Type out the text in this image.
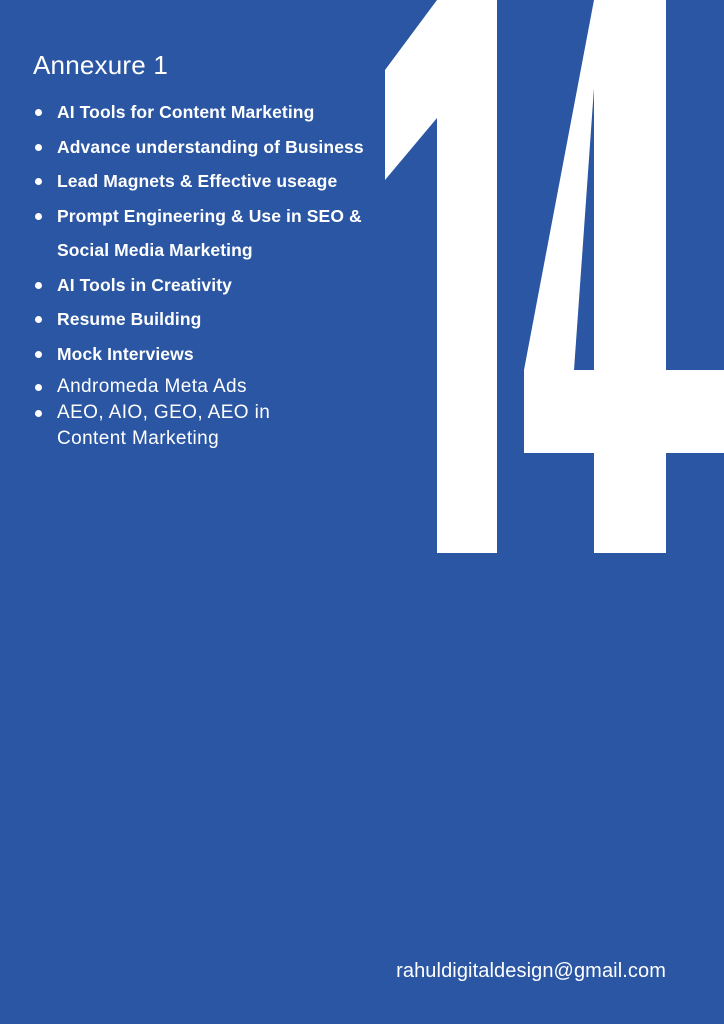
Annexure 1
AI Tools for Content Marketing
Advance understanding of Business
Lead Magnets & Effective useage
Prompt Engineering & Use in SEO &
Social Media Marketing
AI Tools in Creativity
Resume Building
Mock Interviews
Andromeda Meta Ads
AEO, AIO, GEO, AEO in
Content Marketing

rahuldigitaldesign@gmail.com
